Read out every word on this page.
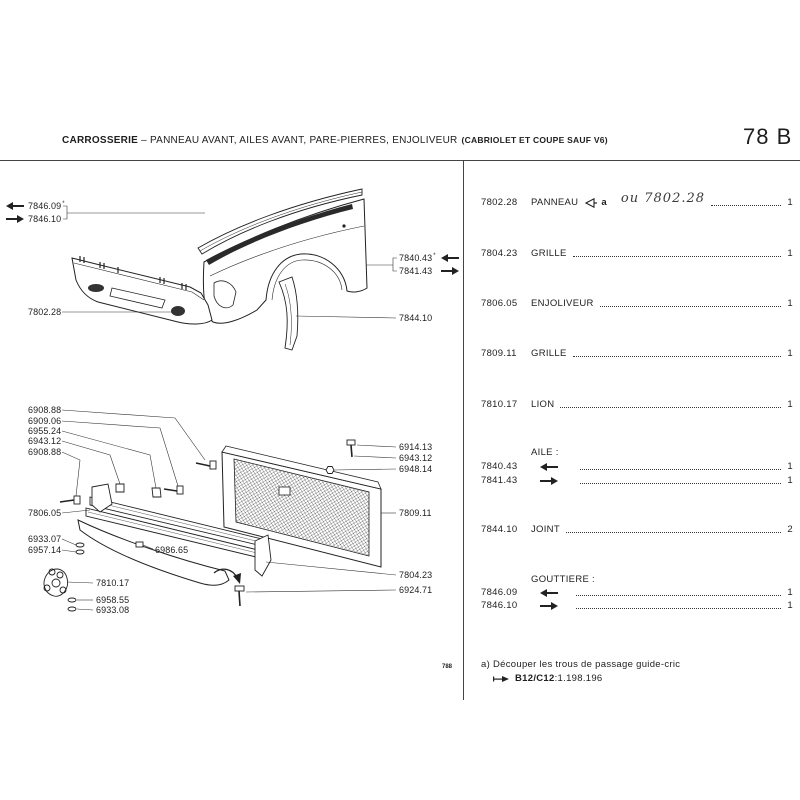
CARROSSERIE – PANNEAU AVANT, AILES AVANT, PARE-PIERRES, ENJOLIVEUR (CABRIOLET ET COUPE SAUF V6)	78 B
7846.09*
7846.10
7802.28
6908.88
6909.06
6955.24
6943.12
6908.88
7806.05
6933.07
6957.14
7840.43*
7841.43
7844.10
6914.13
6943.12
6948.14
7809.11
7804.23
6924.71
6986.65
7810.17
6958.55
6933.08
7802.28	PANNEAU a ou 7802.28	1
7804.23	GRILLE	1
7806.05	ENJOLIVEUR	1
7809.11	GRILLE	1
7810.17	LION	1
AILE :
7840.43	1
7841.43	1
7844.10	JOINT	2
GOUTTIERE :
7846.09	1
7846.10	1
788	a) Découper les trous de passage guide-cric
B12/C12 :1.198.196
